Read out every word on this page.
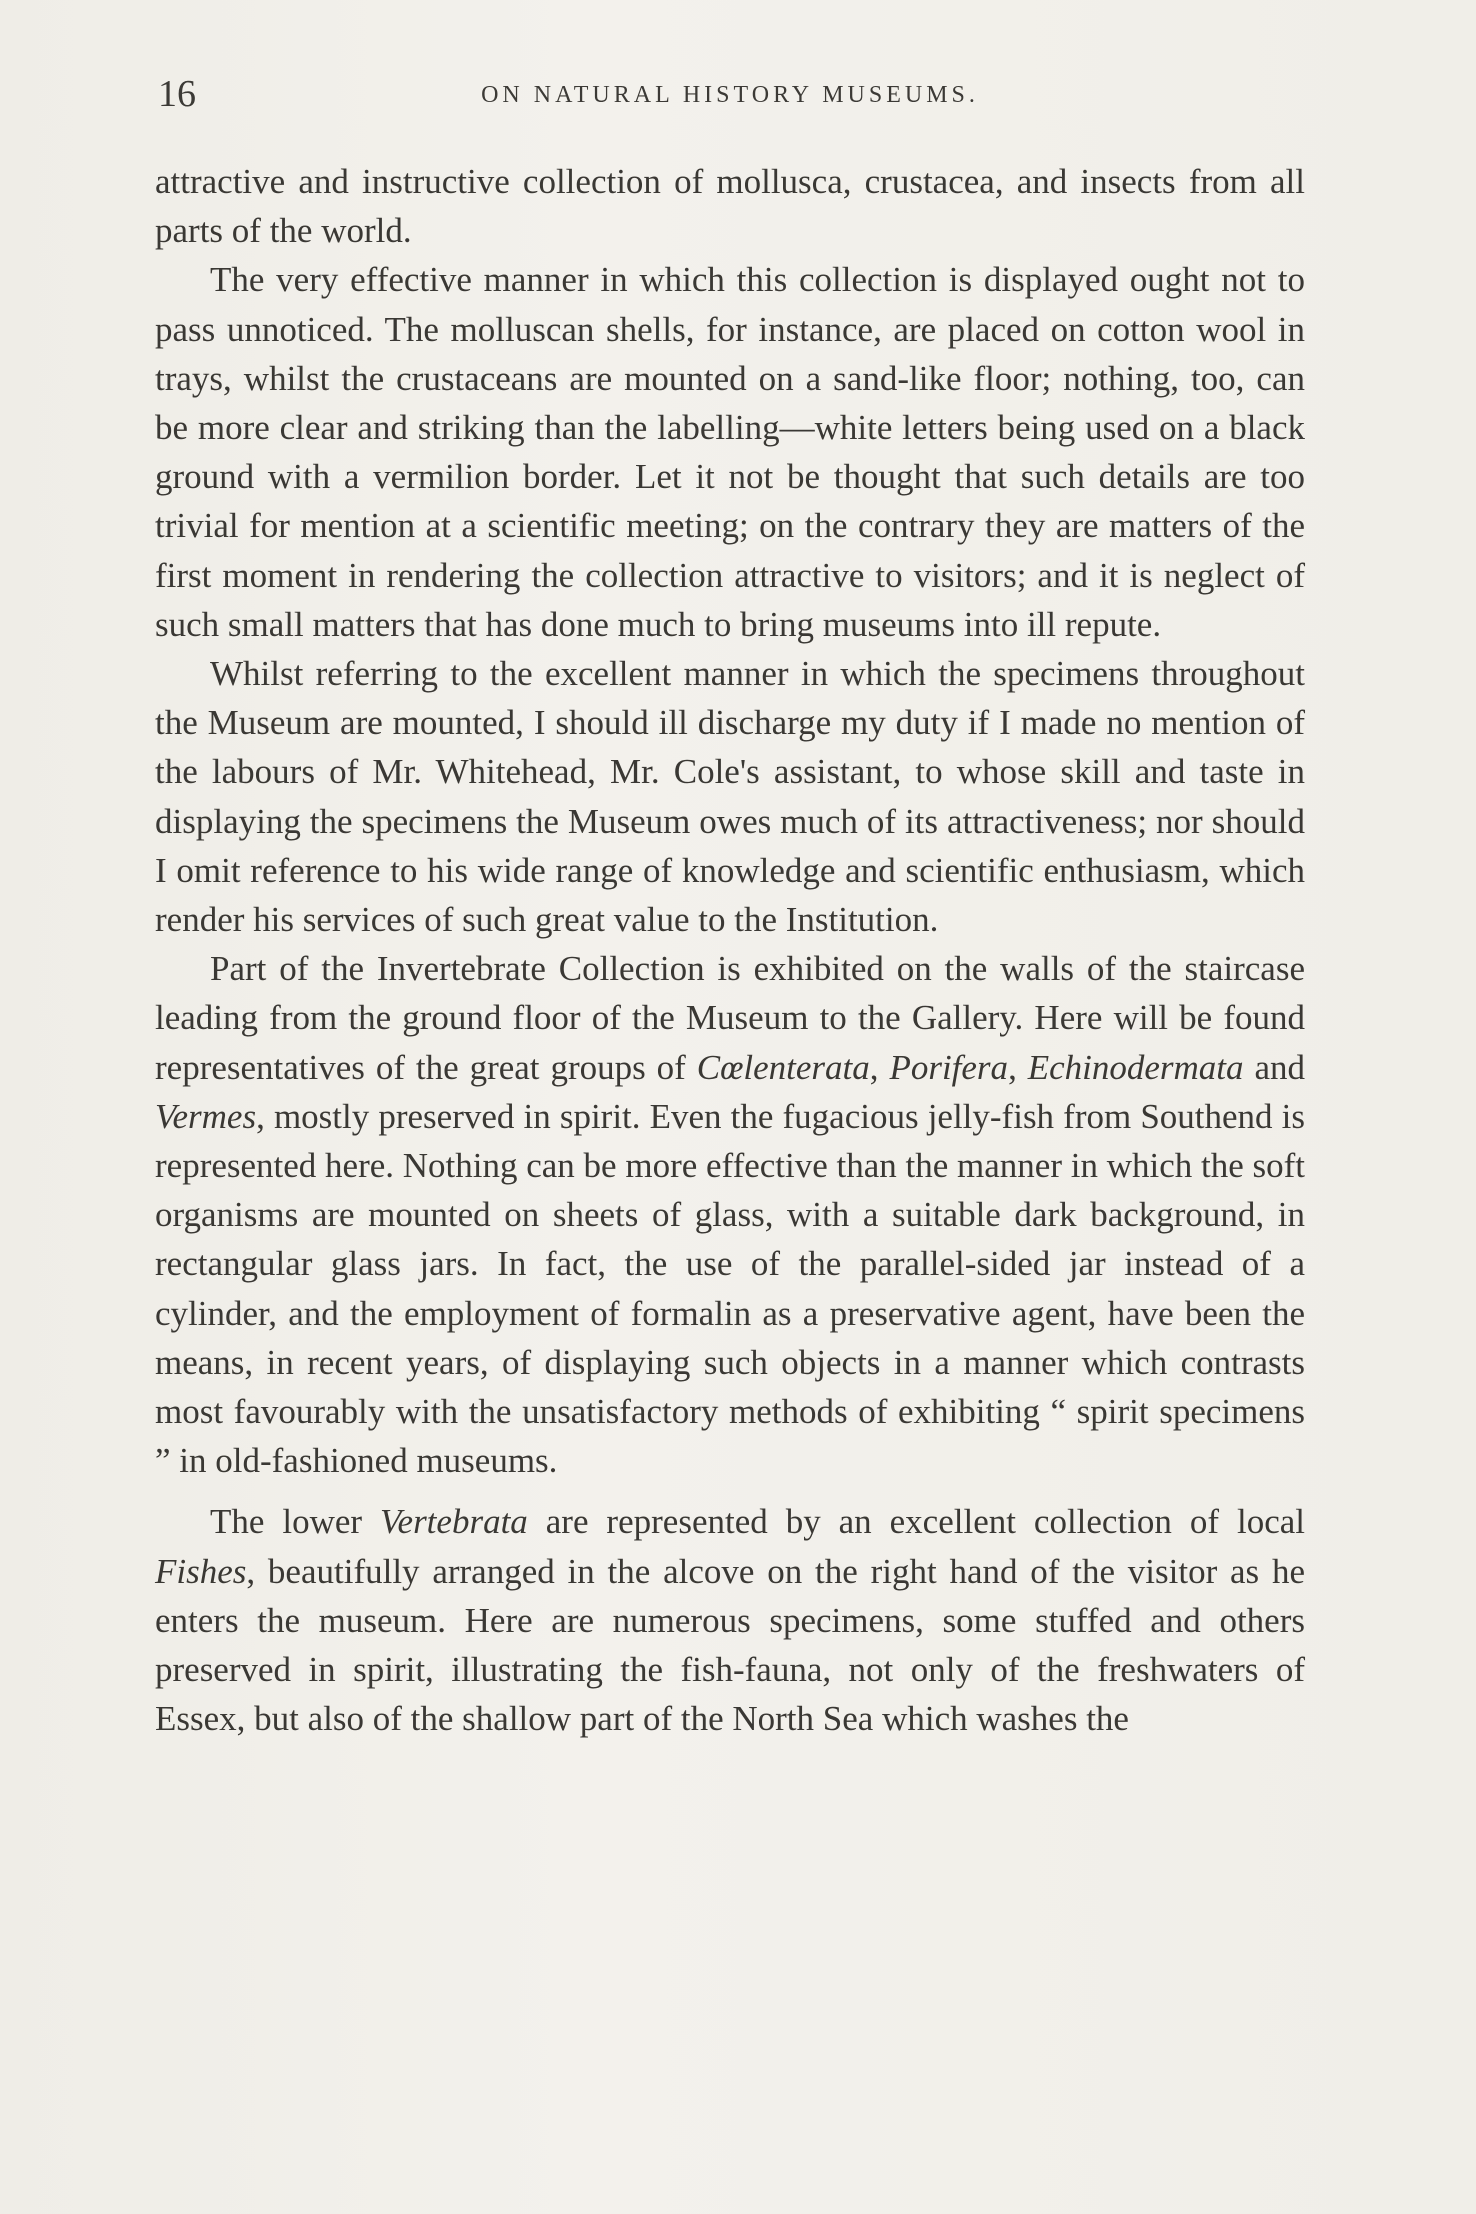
16	ON NATURAL HISTORY MUSEUMS.

attractive and instructive collection of mollusca, crustacea, and insects from all parts of the world.

The very effective manner in which this collection is displayed ought not to pass unnoticed. The molluscan shells, for instance, are placed on cotton wool in trays, whilst the crustaceans are mounted on a sand-like floor; nothing, too, can be more clear and striking than the labelling—white letters being used on a black ground with a vermilion border. Let it not be thought that such details are too trivial for mention at a scientific meeting; on the contrary they are matters of the first moment in rendering the collection attractive to visitors; and it is neglect of such small matters that has done much to bring museums into ill repute.

Whilst referring to the excellent manner in which the specimens throughout the Museum are mounted, I should ill discharge my duty if I made no mention of the labours of Mr. Whitehead, Mr. Cole's assistant, to whose skill and taste in displaying the specimens the Museum owes much of its attractiveness; nor should I omit reference to his wide range of knowledge and scientific enthusiasm, which render his services of such great value to the Institution.

Part of the Invertebrate Collection is exhibited on the walls of the staircase leading from the ground floor of the Museum to the Gallery. Here will be found representatives of the great groups of Cœlenterata, Porifera, Echinodermata and Vermes, mostly preserved in spirit. Even the fugacious jelly-fish from Southend is represented here. Nothing can be more effective than the manner in which the soft organisms are mounted on sheets of glass, with a suitable dark background, in rectangular glass jars. In fact, the use of the parallel-sided jar instead of a cylinder, and the employment of formalin as a preservative agent, have been the means, in recent years, of displaying such objects in a manner which contrasts most favourably with the unsatisfactory methods of exhibiting “ spirit specimens ” in old-fashioned museums.

The lower Vertebrata are represented by an excellent collection of local Fishes, beautifully arranged in the alcove on the right hand of the visitor as he enters the museum. Here are numerous specimens, some stuffed and others preserved in spirit, illustrating the fish-fauna, not only of the freshwaters of Essex, but also of the shallow part of the North Sea which washes the
